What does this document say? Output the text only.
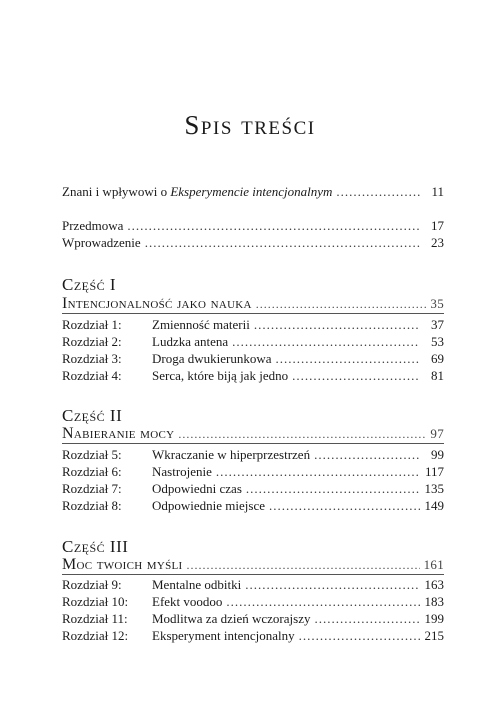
Spis treści
Znani i wpływowi o Eksperymencie intencjonalnym .....	11
Przedmowa .....	17
Wprowadzenie .....	23
Część I
Intencjonalność jako nauka .....	35
Rozdział 1:	Zmienność materii .....	37
Rozdział 2:	Ludzka antena .....	53
Rozdział 3:	Droga dwukierunkowa .....	69
Rozdział 4:	Serca, które biją jak jedno .....	81
Część II
Nabieranie mocy .....	97
Rozdział 5:	Wkraczanie w hiperprzestrzeń .....	99
Rozdział 6:	Nastrojenie .....	117
Rozdział 7:	Odpowiedni czas .....	135
Rozdział 8:	Odpowiednie miejsce .....	149
Część III
Moc twoich myśli .....	161
Rozdział 9:	Mentalne odbitki .....	163
Rozdział 10:	Efekt voodoo .....	183
Rozdział 11:	Modlitwa za dzień wczorajszy .....	199
Rozdział 12:	Eksperyment intencjonalny .....	215
